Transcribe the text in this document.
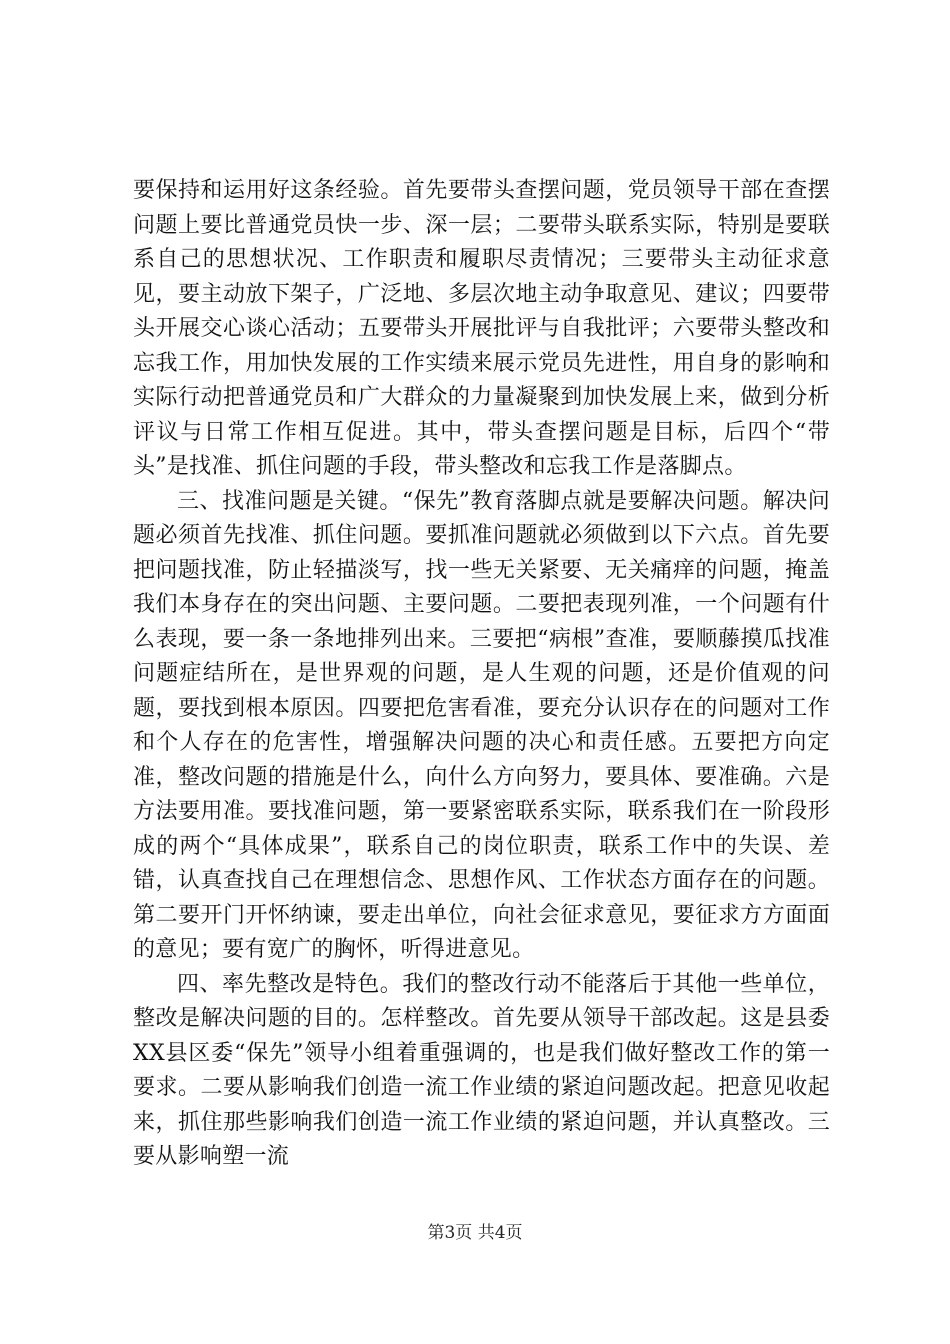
要保持和运用好这条经验。首先要带头查摆问题，党员领导干部在查摆问题上要比普通党员快一步、深一层；二要带头联系实际，特别是要联系自己的思想状况、工作职责和履职尽责情况；三要带头主动征求意见，要主动放下架子，广泛地、多层次地主动争取意见、建议；四要带头开展交心谈心活动；五要带头开展批评与自我批评；六要带头整改和忘我工作，用加快发展的工作实绩来展示党员先进性，用自身的影响和实际行动把普通党员和广大群众的力量凝聚到加快发展上来，做到分析评议与日常工作相互促进。其中，带头查摆问题是目标，后四个“带头”是找准、抓住问题的手段，带头整改和忘我工作是落脚点。

三、找准问题是关键。“保先”教育落脚点就是要解决问题。解决问题必须首先找准、抓住问题。要抓准问题就必须做到以下六点。首先要把问题找准，防止轻描淡写，找一些无关紧要、无关痛痒的问题，掩盖我们本身存在的突出问题、主要问题。二要把表现列准，一个问题有什么表现，要一条一条地排列出来。三要把“病根”查准，要顺藤摸瓜找准问题症结所在，是世界观的问题，是人生观的问题，还是价值观的问题，要找到根本原因。四要把危害看准，要充分认识存在的问题对工作和个人存在的危害性，增强解决问题的决心和责任感。五要把方向定准，整改问题的措施是什么，向什么方向努力，要具体、要准确。六是方法要用准。要找准问题，第一要紧密联系实际，联系我们在一阶段形成的两个“具体成果”，联系自己的岗位职责，联系工作中的失误、差错，认真查找自己在理想信念、思想作风、工作状态方面存在的问题。第二要开门开怀纳谏，要走出单位，向社会征求意见，要征求方方面面的意见；要有宽广的胸怀，听得进意见。

四、率先整改是特色。我们的整改行动不能落后于其他一些单位，整改是解决问题的目的。怎样整改。首先要从领导干部改起。这是县委XX县区委“保先”领导小组着重强调的，也是我们做好整改工作的第一要求。二要从影响我们创造一流工作业绩的紧迫问题改起。把意见收起来，抓住那些影响我们创造一流工作业绩的紧迫问题，并认真整改。三要从影响塑一流

第3页 共4页
